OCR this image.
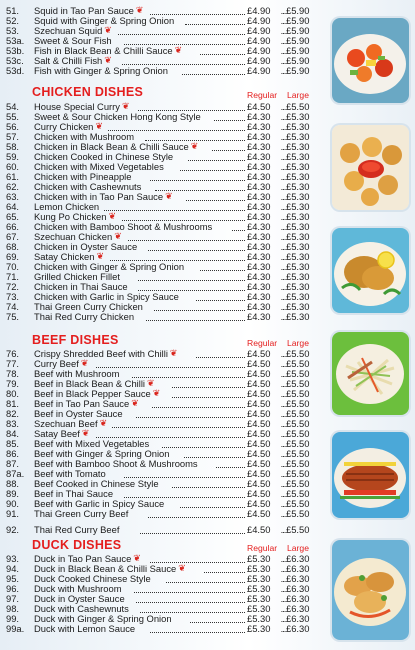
51.	Squid in Tao Pan Sauce ❦	£4.90	... £5.90
52.	Squid with Ginger & Spring Onion	£4.90	... £5.90
53.	Szechuan Squid ❦	£4.90	... £5.90
53a.	Sweet & Sour Fish	£4.90	... £5.90
53b.	Fish in Black Bean & Chilli Sauce ❦	£4.90	... £5.90
53c.	Salt & Chilli Fish ❦	£4.90	... £5.90
53d.	Fish with Ginger & Spring Onion	£4.90	... £5.90
CHICKEN DISHES	Regular Large
54.	House Special Curry ❦	£4.50	... £5.50
55.	Sweet & Sour Chicken Hong Kong Style	£4.30	... £5.30
56.	Curry Chicken ❦	£4.30	... £5.30
57.	Chicken with Mushroom	£4.30	... £5.30
58.	Chicken in Black Bean & Chilli Sauce ❦	£4.30	... £5.30
59.	Chicken Cooked in Chinese Style	£4.30	... £5.30
60.	Chicken with Mixed Vegetables	£4.30	... £5.30
61.	Chicken with Pineapple	£4.30	... £5.30
62.	Chicken with Cashewnuts	£4.30	... £5.30
63.	Chicken with in Tao Pan Sauce ❦	£4.30	... £5.30
64.	Lemon Chicken	£4.30	... £5.30
65.	Kung Po Chicken ❦	£4.30	... £5.30
66.	Chicken with Bamboo Shoot & Mushrooms	£4.30	... £5.30
67.	Szechuan Chicken ❦	£4.30	... £5.30
68.	Chicken in Oyster Sauce	£4.30	... £5.30
69.	Satay Chicken ❦	£4.30	... £5.30
70.	Chicken with Ginger & Spring Onion	£4.30	... £5.30
71.	Grilled Chicken Fillet	£4.30	... £5.30
72.	Chicken in Thai Sauce	£4.30	... £5.30
73.	Chicken with Garlic in Spicy Sauce	£4.30	... £5.30
74.	Thai Green Curry Chicken	£4.30	... £5.30
75.	Thai Red Curry Chicken	£4.30	... £5.30
BEEF DISHES	Regular Large
76.	Crispy Shredded Beef with Chilli ❦	£4.50	... £5.50
77.	Curry Beef ❦	£4.50	... £5.50
78.	Beef with Mushroom	£4.50	... £5.50
79.	Beef in Black Bean & Chilli ❦	£4.50	... £5.50
80.	Beef in Black Pepper Sauce ❦	£4.50	... £5.50
81.	Beef in Tao Pan Sauce ❦	£4.50	... £5.50
82.	Beef in Oyster Sauce	£4.50	... £5.50
83.	Szechuan Beef ❦	£4.50	... £5.50
84.	Satay Beef ❦	£4.50	... £5.50
85.	Beef with Mixed Vegetables	£4.50	... £5.50
86.	Beef with Ginger & Spring Onion	£4.50	... £5.50
87.	Beef with Bamboo Shoot & Mushrooms	£4.50	... £5.50
87a.	Beef with Tomato	£4.50	... £5.50
88.	Beef Cooked in Chinese Style	£4.50	... £5.50
89.	Beef in Thai Sauce	£4.50	... £5.50
90.	Beef with Garlic in Spicy Sauce	£4.50	... £5.50
91.	Thai Green Curry Beef	£4.50	... £5.50
92.	Thai Red Curry Beef	£4.50	... £5.50
DUCK DISHES	Regular Large
93.	Duck in Tao Pan Sauce ❦	£5.30	... £6.30
94.	Duck in Black Bean & Chilli Sauce ❦	£5.30	... £6.30
95.	Duck Cooked Chinese Style	£5.30	... £6.30
96.	Duck with Mushroom	£5.30	... £6.30
97.	Duck in Oyster Sauce	£5.30	... £6.30
98.	Duck with Cashewnuts	£5.30	... £6.30
99.	Duck with Ginger & Spring Onion	£5.30	... £6.30
99a.	Duck with Lemon Sauce	£5.30	... £6.30
